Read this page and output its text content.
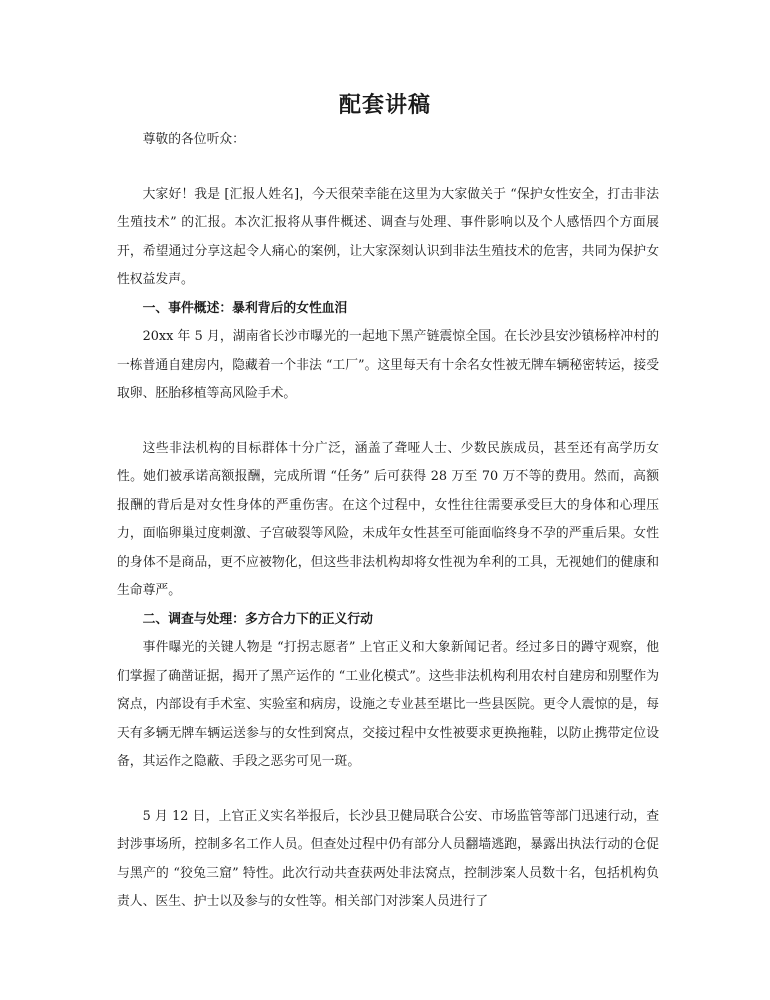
配套讲稿

尊敬的各位听众：

大家好！我是 [汇报人姓名]，今天很荣幸能在这里为大家做关于 “保护女性安全，打击非法生殖技术” 的汇报。本次汇报将从事件概述、调查与处理、事件影响以及个人感悟四个方面展开，希望通过分享这起令人痛心的案例，让大家深刻认识到非法生殖技术的危害，共同为保护女性权益发声。

一、事件概述：暴利背后的女性血泪

20xx 年 5 月，湖南省长沙市曝光的一起地下黑产链震惊全国。在长沙县安沙镇杨梓冲村的一栋普通自建房内，隐藏着一个非法 “工厂”。这里每天有十余名女性被无牌车辆秘密转运，接受取卵、胚胎移植等高风险手术。

这些非法机构的目标群体十分广泛，涵盖了聋哑人士、少数民族成员，甚至还有高学历女性。她们被承诺高额报酬，完成所谓 “任务” 后可获得 28 万至 70 万不等的费用。然而，高额报酬的背后是对女性身体的严重伤害。在这个过程中，女性往往需要承受巨大的身体和心理压力，面临卵巢过度刺激、子宫破裂等风险，未成年女性甚至可能面临终身不孕的严重后果。女性的身体不是商品，更不应被物化，但这些非法机构却将女性视为牟利的工具，无视她们的健康和生命尊严。

二、调查与处理：多方合力下的正义行动

事件曝光的关键人物是 “打拐志愿者” 上官正义和大象新闻记者。经过多日的蹲守观察，他们掌握了确凿证据，揭开了黑产运作的 “工业化模式”。这些非法机构利用农村自建房和别墅作为窝点，内部设有手术室、实验室和病房，设施之专业甚至堪比一些县医院。更令人震惊的是，每天有多辆无牌车辆运送参与的女性到窝点，交接过程中女性被要求更换拖鞋，以防止携带定位设备，其运作之隐蔽、手段之恶劣可见一斑。

5 月 12 日，上官正义实名举报后，长沙县卫健局联合公安、市场监管等部门迅速行动，查封涉事场所，控制多名工作人员。但查处过程中仍有部分人员翻墙逃跑，暴露出执法行动的仓促与黑产的 “狡兔三窟” 特性。此次行动共查获两处非法窝点，控制涉案人员数十名，包括机构负责人、医生、护士以及参与的女性等。相关部门对涉案人员进行了
